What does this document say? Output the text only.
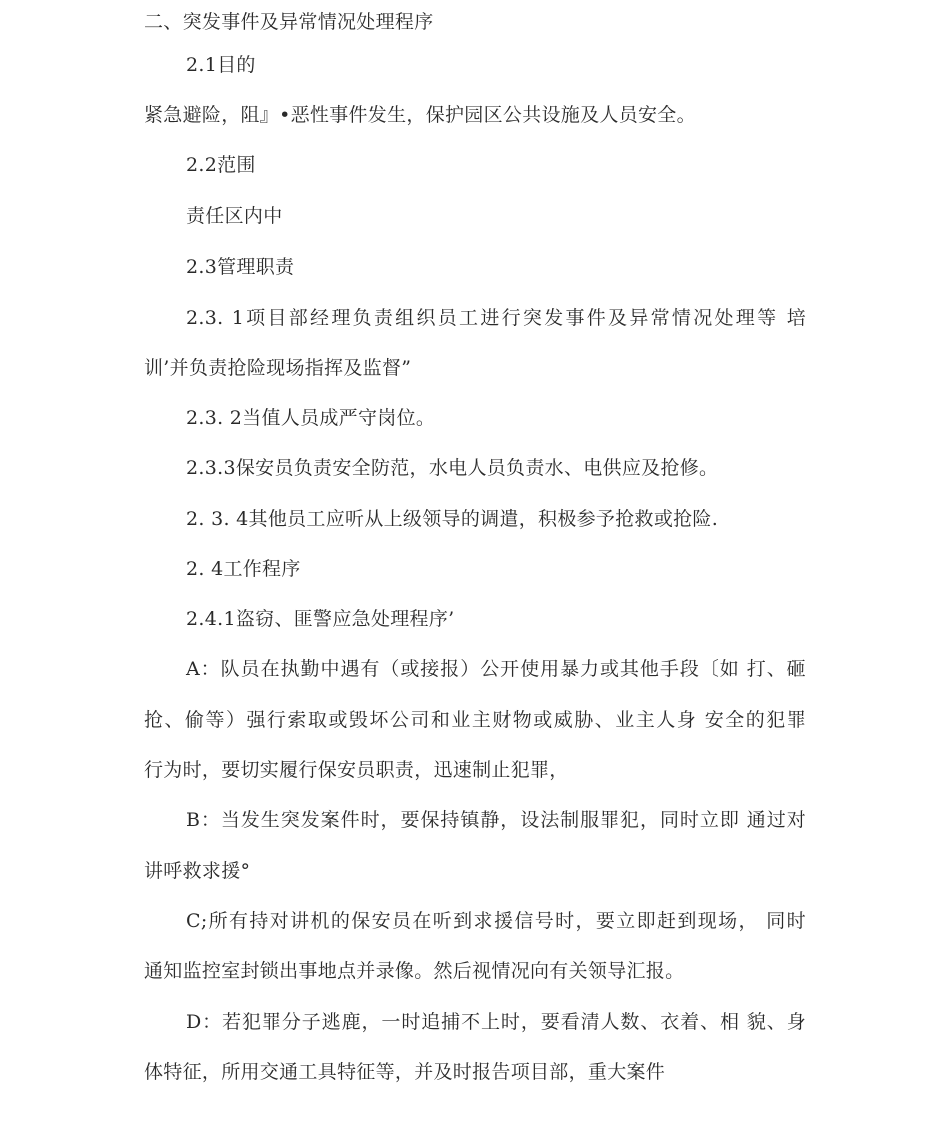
二、突发事件及异常情况处理程序
2.1目的
紧急避险，阻』•恶性事件发生，保护园区公共设施及人员安全。
2.2范围
责任区内中
2.3管理职责
2.3. 1项目部经理负责组织员工进行突发事件及异常情况处理等 培
训’并负责抢险现场指挥及监督”
2.3. 2当值人员成严守岗位。
2.3.3保安员负责安全防范，水电人员负责水、电供应及抢修。
2. 3. 4其他员工应听从上级领导的调遣，积极参予抢救或抢险.
2. 4工作程序
2.4.1盗窃、匪警应急处理程序’
A：队员在执勤中遇有（或接报）公开使用暴力或其他手段〔如 打、砸
抢、偷等）强行索取或毁坏公司和业主财物或威胁、业主人身 安全的犯罪
行为时，要切实履行保安员职责，迅速制止犯罪，
B：当发生突发案件时，要保持镇静，设法制服罪犯，同时立即 通过对
讲呼救求援°
C;所有持对讲机的保安员在听到求援信号时，要立即赶到现场， 同时
通知监控室封锁出事地点并录像。然后视情况向有关领导汇报。
D：若犯罪分子逃鹿，一时追捕不上时，要看清人数、衣着、相 貌、身
体特征，所用交通工具特征等，并及时报告项目部，重大案件
